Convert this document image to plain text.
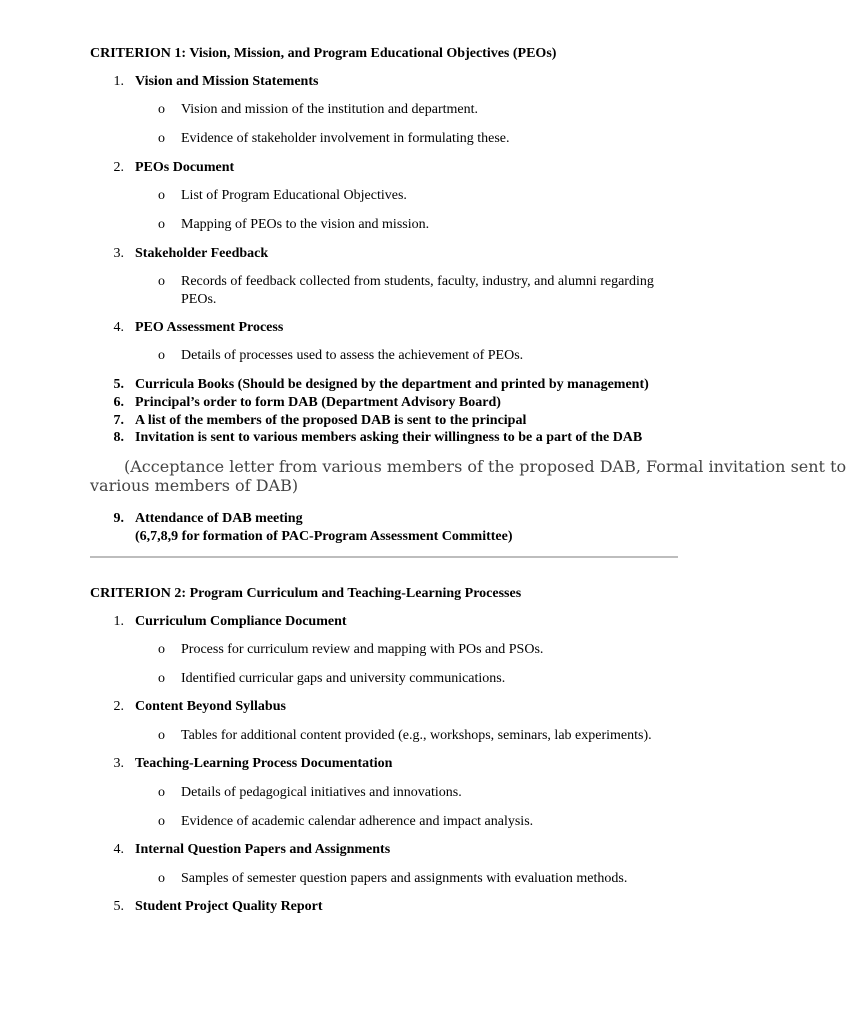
CRITERION 1: Vision, Mission, and Program Educational Objectives (PEOs)
1. Vision and Mission Statements
o Vision and mission of the institution and department.
o Evidence of stakeholder involvement in formulating these.
2. PEOs Document
o List of Program Educational Objectives.
o Mapping of PEOs to the vision and mission.
3. Stakeholder Feedback
o Records of feedback collected from students, faculty, industry, and alumni regarding
PEOs.
4. PEO Assessment Process
o Details of processes used to assess the achievement of PEOs.
5. Curricula Books (Should be designed by the department and printed by management)
6. Principal’s order to form DAB (Department Advisory Board)
7. A list of the members of the proposed DAB is sent to the principal
8. Invitation is sent to various members asking their willingness to be a part of the DAB
(Acceptance letter from various members of the proposed DAB, Formal invitation sent to
various members of DAB)
9. Attendance of DAB meeting
(6,7,8,9 for formation of PAC-Program Assessment Committee)
CRITERION 2: Program Curriculum and Teaching-Learning Processes
1. Curriculum Compliance Document
o Process for curriculum review and mapping with POs and PSOs.
o Identified curricular gaps and university communications.
2. Content Beyond Syllabus
o Tables for additional content provided (e.g., workshops, seminars, lab experiments).
3. Teaching-Learning Process Documentation
o Details of pedagogical initiatives and innovations.
o Evidence of academic calendar adherence and impact analysis.
4. Internal Question Papers and Assignments
o Samples of semester question papers and assignments with evaluation methods.
5. Student Project Quality Report
